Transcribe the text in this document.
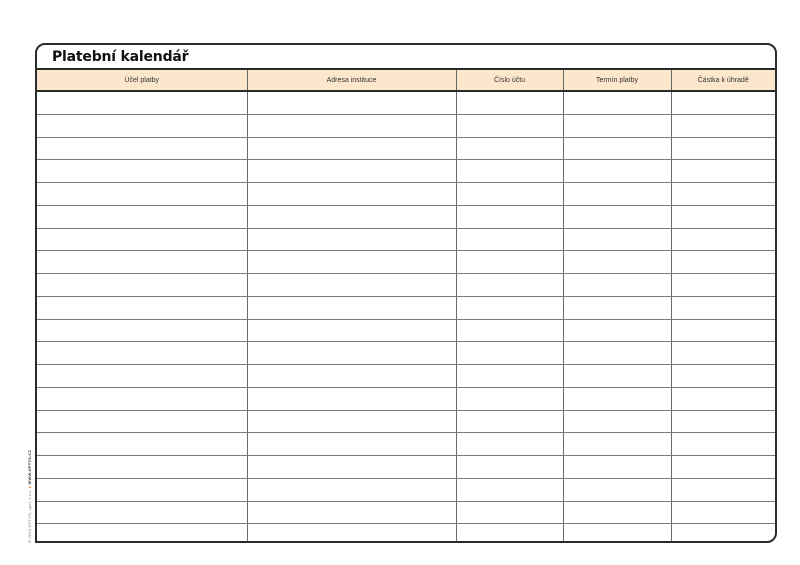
Platební kalendář
Účel platby	Adresa instituce	Číslo účtu	Termín platby	Částka k úhradě

© 2013 OPTYS, spol. s r.o. ● WWW.OPTYS.CZ
